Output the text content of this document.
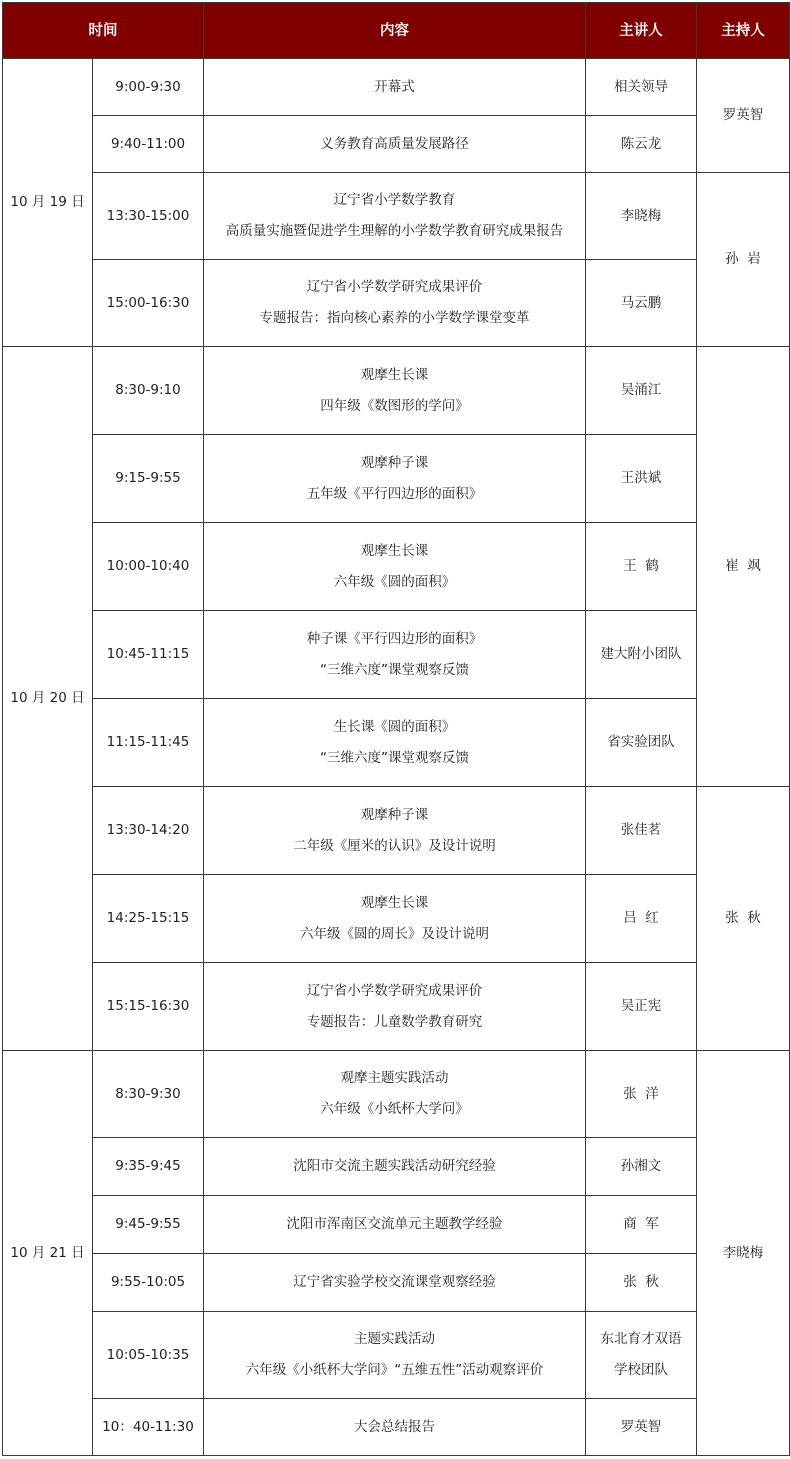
时间		内容	主讲人	主持人
10 月 19 日	9:00-9:30	开幕式	相关领导	罗英智
	9:40-11:00	义务教育高质量发展路径	陈云龙	

	13:30-15:00	辽宁省小学数学教育
高质量实施暨促进学生理解的小学数学教育研究成果报告	李晓梅	孙  岩
	15:00-16:30	辽宁省小学数学研究成果评价
专题报告：指向核心素养的小学数学课堂变革	马云鹏	

10 月 20 日	8:30-9:10	观摩生长课
四年级《数图形的学问》	吴涌江	崔  飒
	9:15-9:55	观摩种子课
五年级《平行四边形的面积》	王洪斌	

	10:00-10:40	观摩生长课
六年级《圆的面积》	王  鹤	

	10:45-11:15	种子课《平行四边形的面积》
“三维六度”课堂观察反馈	建大附小团队	

	11:15-11:45	生长课《圆的面积》
“三维六度”课堂观察反馈	省实验团队	

	13:30-14:20	观摩种子课
二年级《厘米的认识》及设计说明	张佳茗	张  秋
	14:25-15:15	观摩生长课
六年级《圆的周长》及设计说明	吕  红	

	15:15-16:30	辽宁省小学数学研究成果评价
专题报告：儿童数学教育研究	吴正宪	

10 月 21 日	8:30-9:30	观摩主题实践活动
六年级《小纸杯大学问》	张  洋	李晓梅
	9:35-9:45	沈阳市交流主题实践活动研究经验	孙湘文	

	9:45-9:55	沈阳市浑南区交流单元主题教学经验	商  军	

	9:55-10:05	辽宁省实验学校交流课堂观察经验	张  秋	

	10:05-10:35	主题实践活动
六年级《小纸杯大学问》“五维五性”活动观察评价	东北育才双语
学校团队	

	10：40-11:30	大会总结报告	罗英智	
